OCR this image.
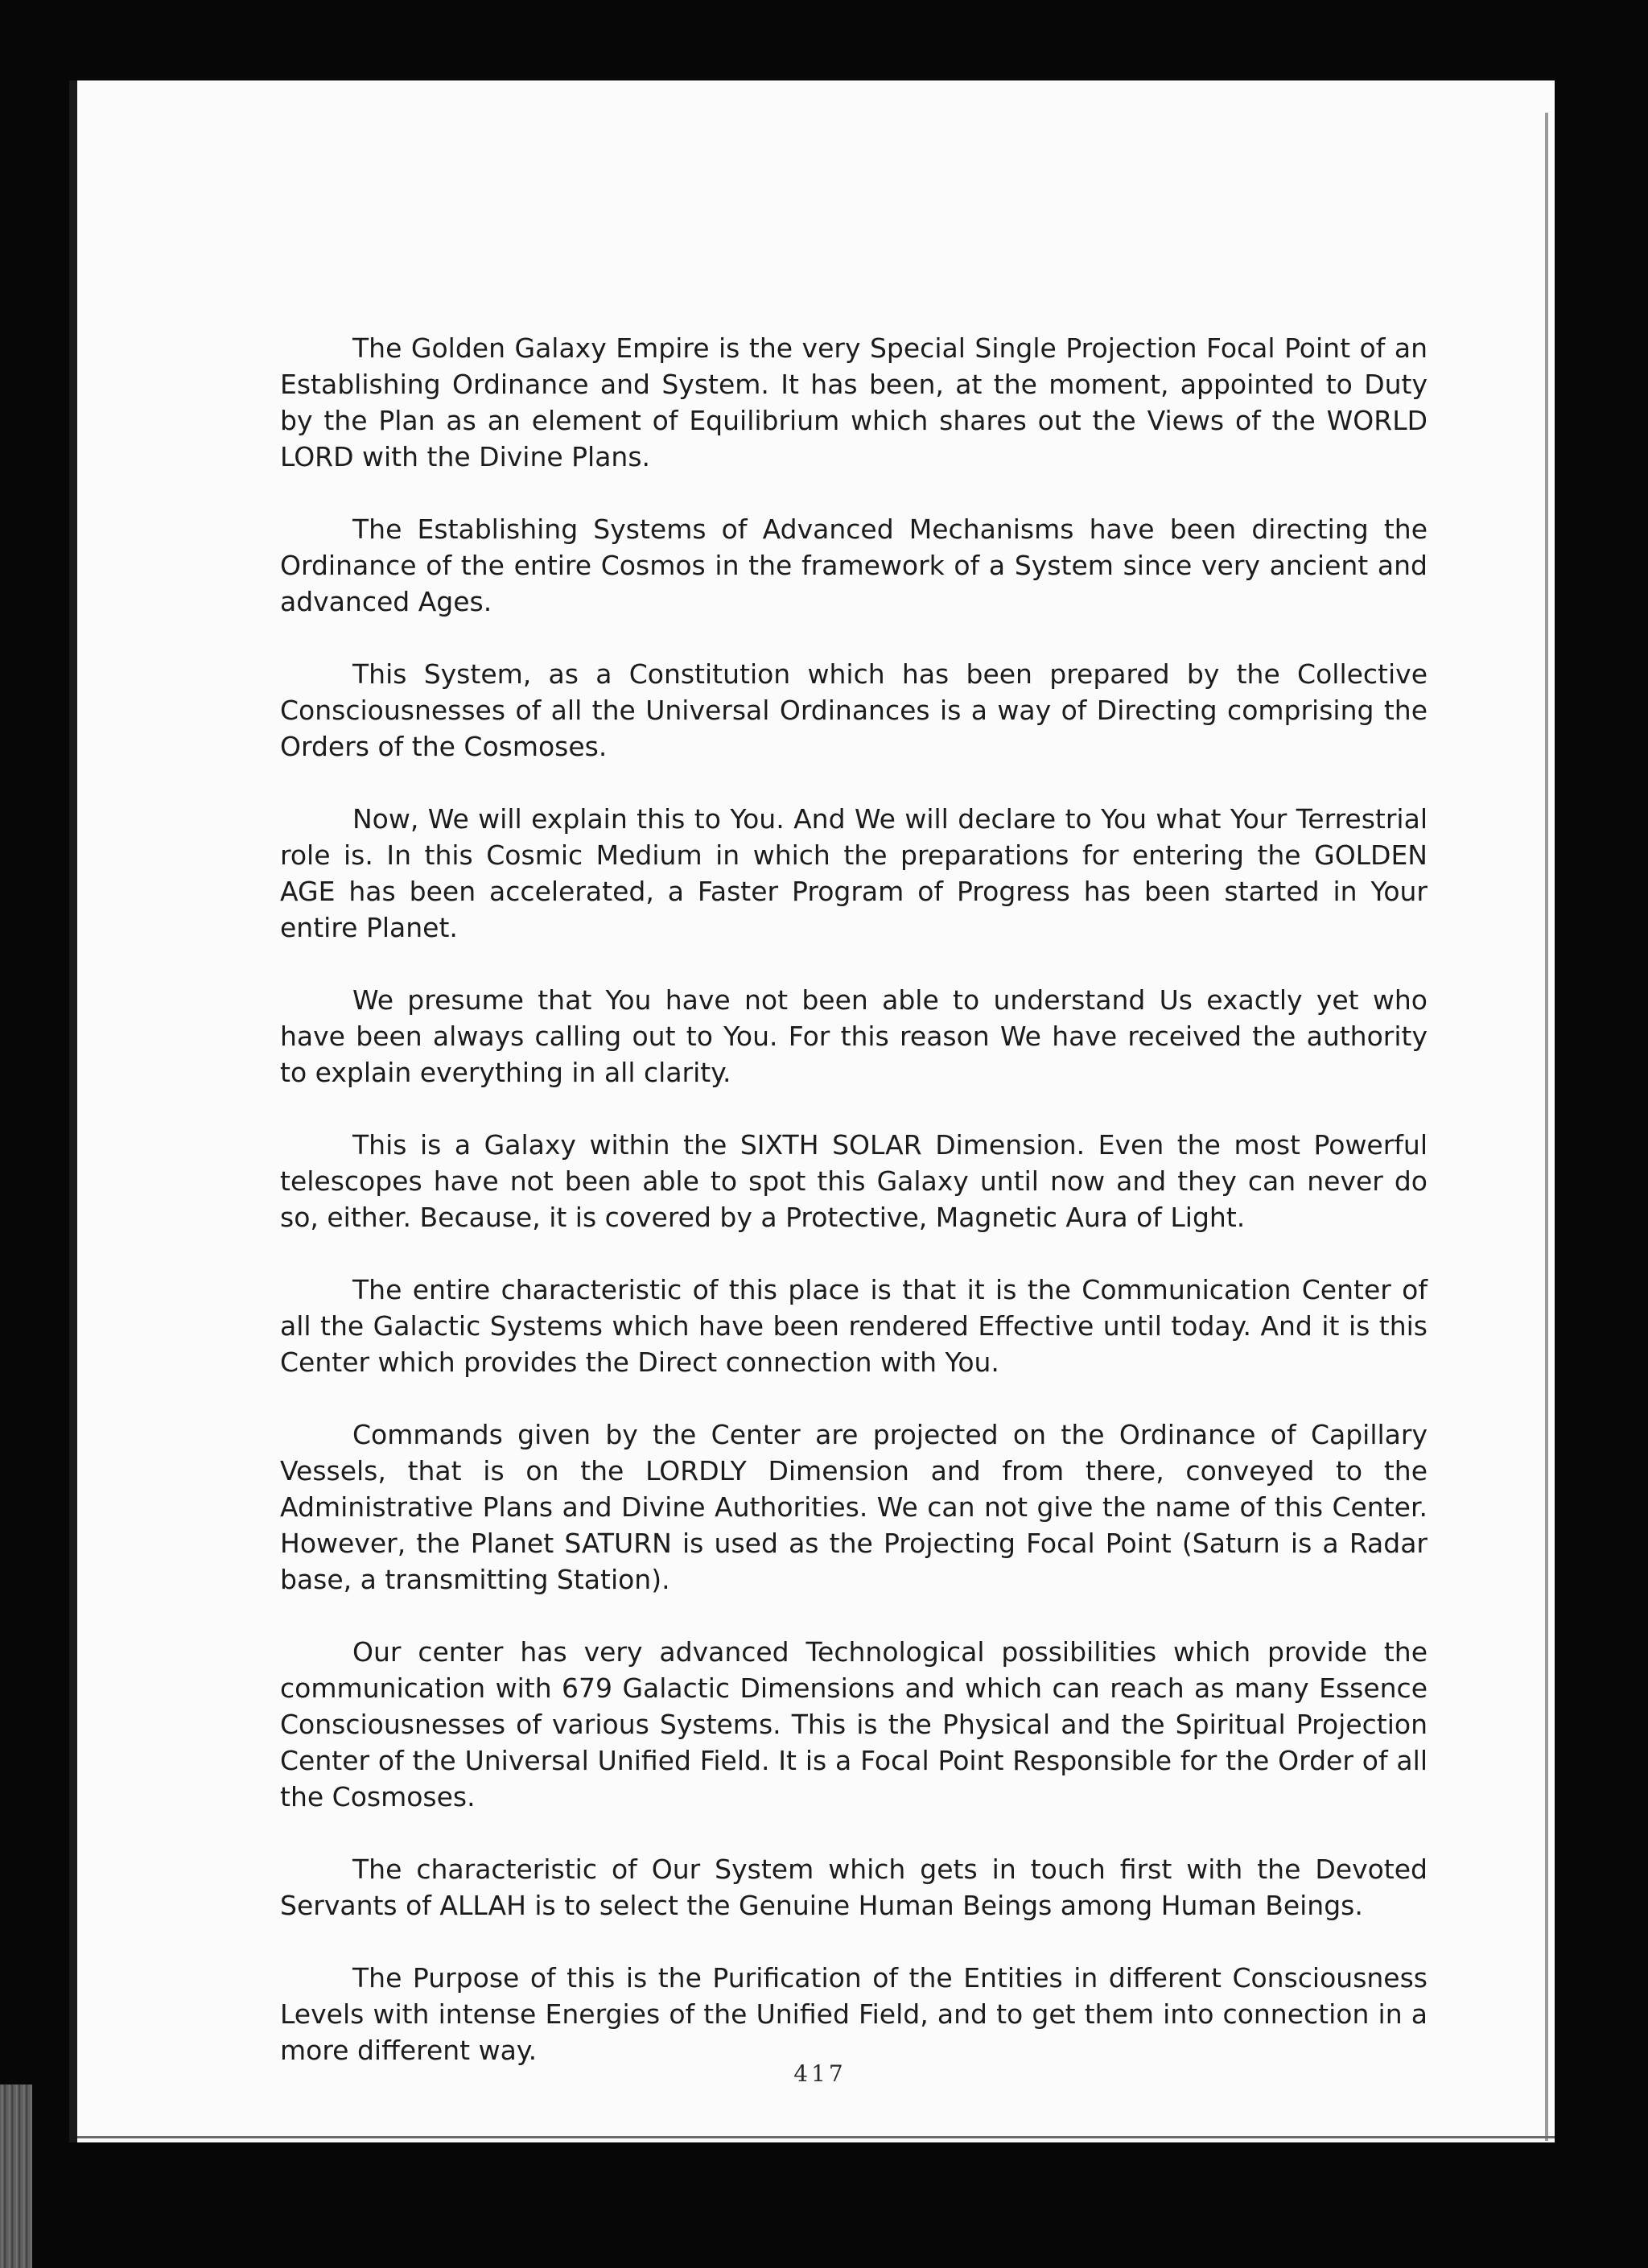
The Golden Galaxy Empire is the very Special Single Projection Focal Point of an Establishing Ordinance and System. It has been, at the moment, appointed to Duty by the Plan as an element of Equilibrium which shares out the Views of the WORLD LORD with the Divine Plans.

The Establishing Systems of Advanced Mechanisms have been directing the Ordinance of the entire Cosmos in the framework of a System since very ancient and advanced Ages.

This System, as a Constitution which has been prepared by the Collective Consciousnesses of all the Universal Ordinances is a way of Directing comprising the Orders of the Cosmoses.

Now, We will explain this to You. And We will declare to You what Your Terrestrial role is. In this Cosmic Medium in which the preparations for entering the GOLDEN AGE has been accelerated, a Faster Program of Progress has been started in Your entire Planet.

We presume that You have not been able to understand Us exactly yet who have been always calling out to You. For this reason We have received the authority to explain everything in all clarity.

This is a Galaxy within the SIXTH SOLAR Dimension. Even the most Powerful telescopes have not been able to spot this Galaxy until now and they can never do so, either. Because, it is covered by a Protective, Magnetic Aura of Light.

The entire characteristic of this place is that it is the Communication Center of all the Galactic Systems which have been rendered Effective until today. And it is this Center which provides the Direct connection with You.

Commands given by the Center are projected on the Ordinance of Capillary Vessels, that is on the LORDLY Dimension and from there, conveyed to the Administrative Plans and Divine Authorities. We can not give the name of this Center. However, the Planet SATURN is used as the Projecting Focal Point (Saturn is a Radar base, a transmitting Station).

Our center has very advanced Technological possibilities which provide the communication with 679 Galactic Dimensions and which can reach as many Essence Consciousnesses of various Systems. This is the Physical and the Spiritual Projection Center of the Universal Unified Field. It is a Focal Point Responsible for the Order of all the Cosmoses.

The characteristic of Our System which gets in touch first with the Devoted Servants of ALLAH is to select the Genuine Human Beings among Human Beings.

The Purpose of this is the Purification of the Entities in different Consciousness Levels with intense Energies of the Unified Field, and to get them into connection in a more different way.

417
